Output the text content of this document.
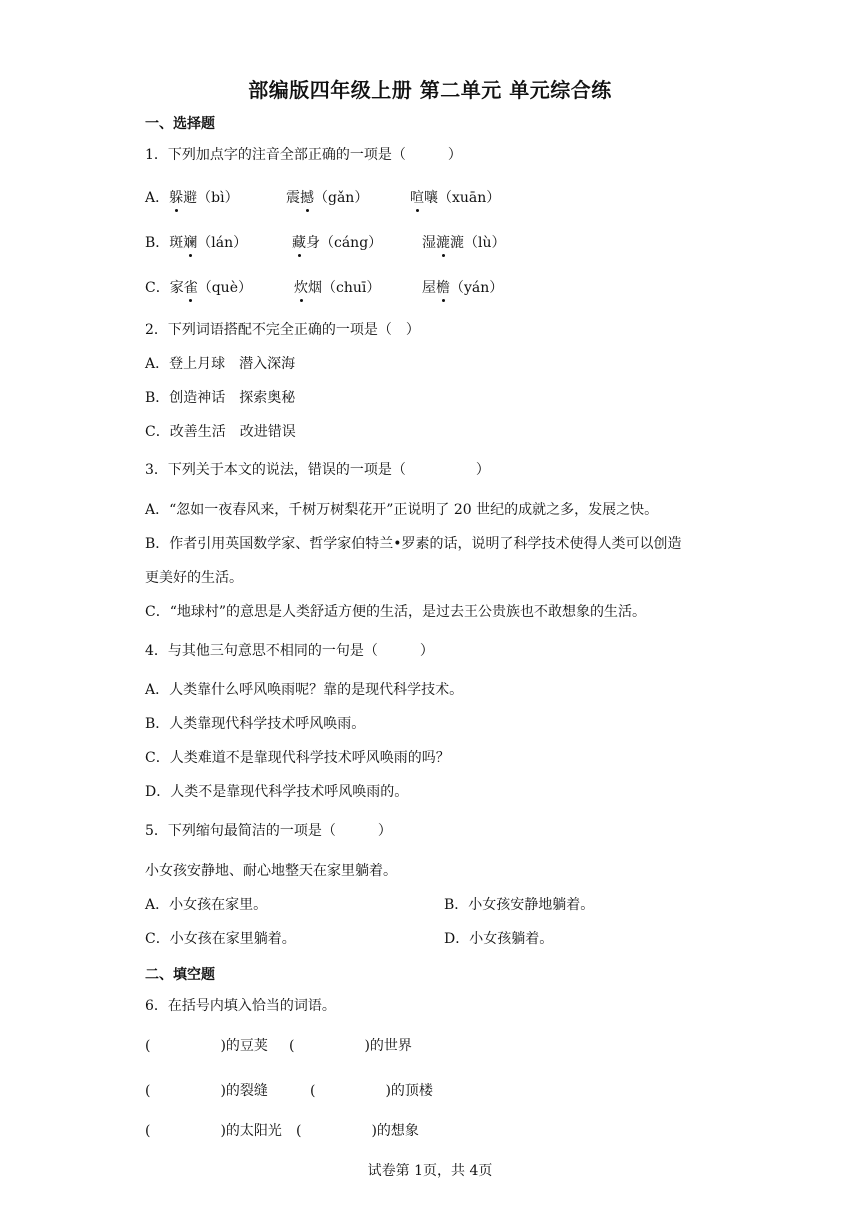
部编版四年级上册 第二单元 单元综合练
一、选择题
1．下列加点字的注音全部正确的一项是（　　　）
A．躲避（bì）	震撼（gǎn）	喧嚷（xuān）
B．斑斓（lán）	藏身（cáng）	湿漉漉（lù）
C．家雀（què）	炊烟（chuī）	屋檐（yán）
2．下列词语搭配不完全正确的一项是（　）
A．登上月球　潜入深海
B．创造神话　探索奥秘
C．改善生活　改进错误
3．下列关于本文的说法，错误的一项是（　　　　　）
A．“忽如一夜春风来，千树万树梨花开”正说明了 20 世纪的成就之多，发展之快。
B．作者引用英国数学家、哲学家伯特兰•罗素的话，说明了科学技术使得人类可以创造
更美好的生活。
C．“地球村”的意思是人类舒适方便的生活，是过去王公贵族也不敢想象的生活。
4．与其他三句意思不相同的一句是（　　　）
A．人类靠什么呼风唤雨呢？靠的是现代科学技术。
B．人类靠现代科学技术呼风唤雨。
C．人类难道不是靠现代科学技术呼风唤雨的吗？
D．人类不是靠现代科学技术呼风唤雨的。
5．下列缩句最简洁的一项是（　　　）
小女孩安静地、耐心地整天在家里躺着。
A．小女孩在家里。	B．小女孩安静地躺着。
C．小女孩在家里躺着。	D．小女孩躺着。
二、填空题
6．在括号内填入恰当的词语。
(　　　　　)的豆荚 (　　　　　)的世界
(　　　　　)的裂缝	(　　　　　)的顶楼
(　　　　　)的太阳光 (　　　　　)的想象
试卷第 1页，共 4页
